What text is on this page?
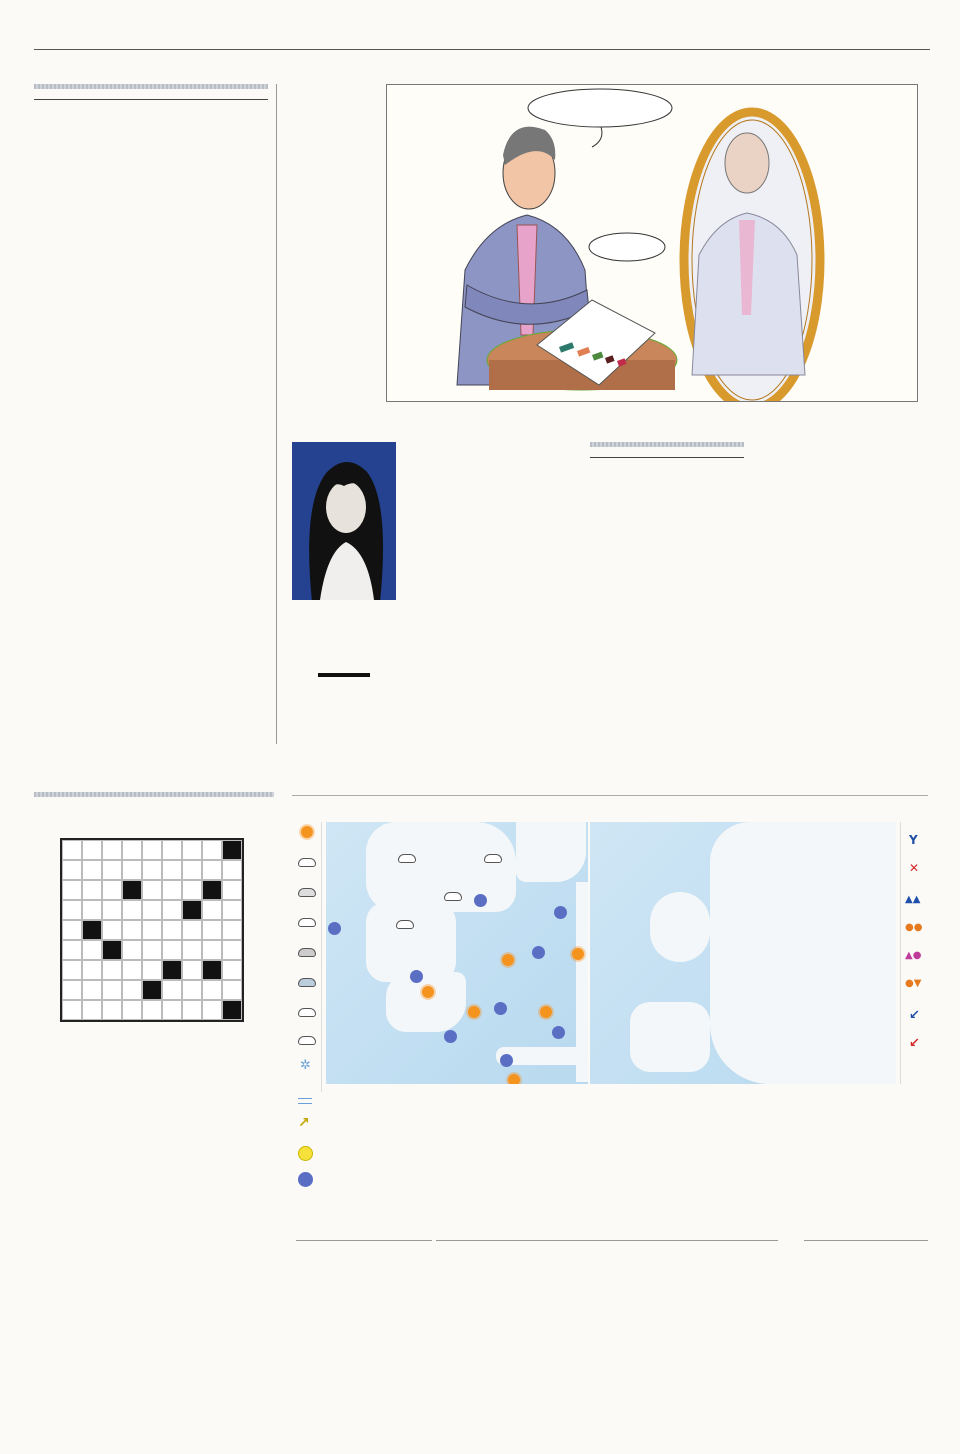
✲
↗
Y
✕
▲▲
●●
▲●
●▼
↙
↙
